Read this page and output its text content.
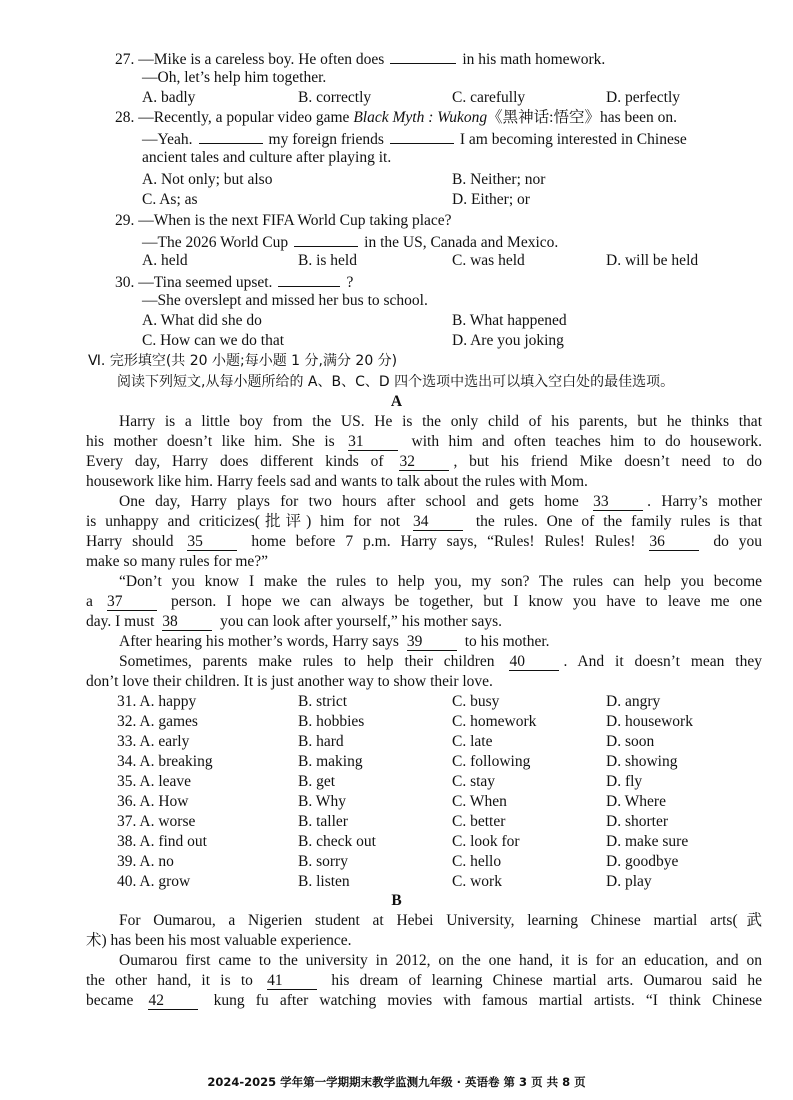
27. —Mike is a careless boy. He often does	in his math homework.
—Oh, let’s help him together.
A. badly	B. correctly	C. carefully	D. perfectly
28. —Recently, a popular video game Black Myth : Wukong《黑神话:悟空》has been on.
—Yeah.	my foreign friends	I am becoming interested in Chinese
ancient tales and culture after playing it.
A. Not only; but also	B. Neither; nor
C. As; as	D. Either; or
29. —When is the next FIFA World Cup taking place?
—The 2026 World Cup	in the US, Canada and Mexico.
A. held	B. is held	C. was held	D. will be held
30. —Tina seemed upset.	?
—She overslept and missed her bus to school.
A. What did she do	B. What happened
C. How can we do that	D. Are you joking
Ⅵ. 完形填空(共 20 小题;每小题 1 分,满分 20 分)
阅读下列短文,从每小题所给的 A、B、C、D 四个选项中选出可以填入空白处的最佳选项。
A
Harry is a little boy from the US. He is the only child of his parents, but he thinks that
his mother doesn’t like him. She is 31	with him and often teaches him to do housework.
Every day, Harry does different kinds of 32 , but his friend Mike doesn’t need to do
housework like him. Harry feels sad and wants to talk about the rules with Mom.
One day, Harry plays for two hours after school and gets home 33 . Harry’s mother
is unhappy and criticizes(批评) him for not 34	the rules. One of the family rules is that
Harry should 35	home before 7 p.m. Harry says, “Rules! Rules! Rules! 36	do you
make so many rules for me?”
“Don’t you know I make the rules to help you, my son? The rules can help you become
a 37	person. I hope we can always be together, but I know you have to leave me one
day. I must 38	you can look after yourself,” his mother says.
After hearing his mother’s words, Harry says 39	to his mother.
Sometimes, parents make rules to help their children 40 . And it doesn’t mean they
don’t love their children. It is just another way to show their love.
31. A. happy	B. strict	C. busy	D. angry
32. A. games	B. hobbies	C. homework	D. housework
33. A. early	B. hard	C. late	D. soon
34. A. breaking	B. making	C. following	D. showing
35. A. leave	B. get	C. stay	D. fly
36. A. How	B. Why	C. When	D. Where
37. A. worse	B. taller	C. better	D. shorter
38. A. find out	B. check out	C. look for	D. make sure
39. A. no	B. sorry	C. hello	D. goodbye
40. A. grow	B. listen	C. work	D. play
B
For Oumarou, a Nigerien student at Hebei University, learning Chinese martial arts(武
术) has been his most valuable experience.
Oumarou first came to the university in 2012, on the one hand, it is for an education, and on
the other hand, it is to 41	his dream of learning Chinese martial arts. Oumarou said he
became 42	kung fu after watching movies with famous martial artists. “I think Chinese
2024-2025 学年第一学期期末教学监测九年级 · 英语卷 第 3 页 共 8 页
